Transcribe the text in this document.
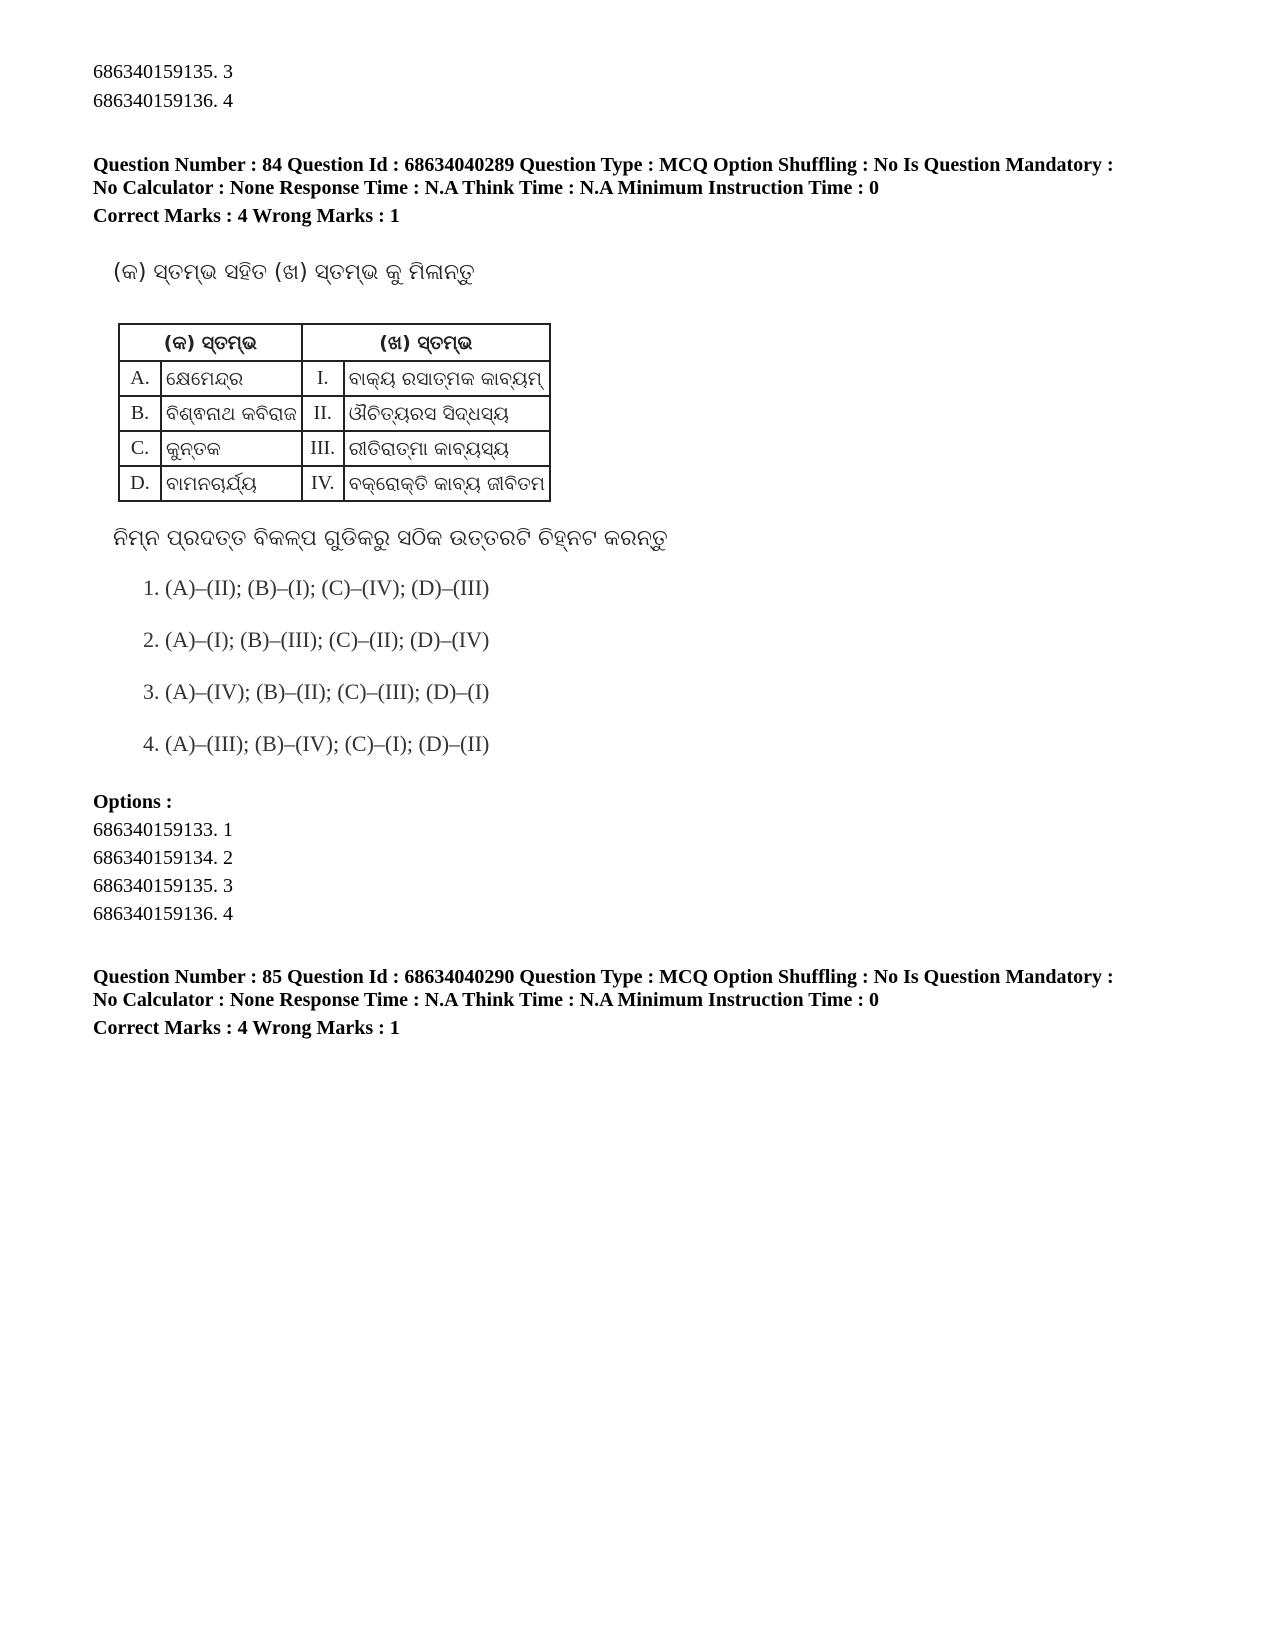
686340159135. 3
686340159136. 4
Question Number : 84 Question Id : 68634040289 Question Type : MCQ Option Shuffling : No Is Question Mandatory :
No Calculator : None Response Time : N.A Think Time : N.A Minimum Instruction Time : 0
Correct Marks : 4 Wrong Marks : 1
(କ) ସ୍ତମ୍ଭ ସହିତ (ଖ) ସ୍ତମ୍ଭ କୁ ମିଳାନ୍ତୁ
(କ) ସ୍ତମ୍ଭ		(ଖ) ସ୍ତମ୍ଭ	
A.	କ୍ଷେମେନ୍ଦ୍ର	I.	ବାକ୍ୟ ରସାତ୍ମକ କାବ୍ୟମ୍
B.	ବିଶ୍ଵନାଥ କବିରାଜ	II.	ଔଚିତ୍ୟରସ ସିଦ୍ଧସ୍ୟ
C.	କୁନ୍ତକ	III.	ରୀତିରାତ୍ମା କାବ୍ୟସ୍ୟ
D.	ବାମନଚାର୍ଯ୍ୟ	IV.	ବକ୍ରୋକ୍ତି କାବ୍ୟ ଜୀବିତମ
ନିମ୍ନ ପ୍ରଦତ୍ତ ବିକଳ୍ପ ଗୁଡିକରୁ ସଠିକ ଉତ୍ତରଟି ଚିହ୍ନଟ କରନ୍ତୁ
1. (A)–(II); (B)–(I); (C)–(IV); (D)–(III)
2. (A)–(I); (B)–(III); (C)–(II); (D)–(IV)
3. (A)–(IV); (B)–(II); (C)–(III); (D)–(I)
4. (A)–(III); (B)–(IV); (C)–(I); (D)–(II)
Options :
686340159133. 1
686340159134. 2
686340159135. 3
686340159136. 4
Question Number : 85 Question Id : 68634040290 Question Type : MCQ Option Shuffling : No Is Question Mandatory :
No Calculator : None Response Time : N.A Think Time : N.A Minimum Instruction Time : 0
Correct Marks : 4 Wrong Marks : 1
